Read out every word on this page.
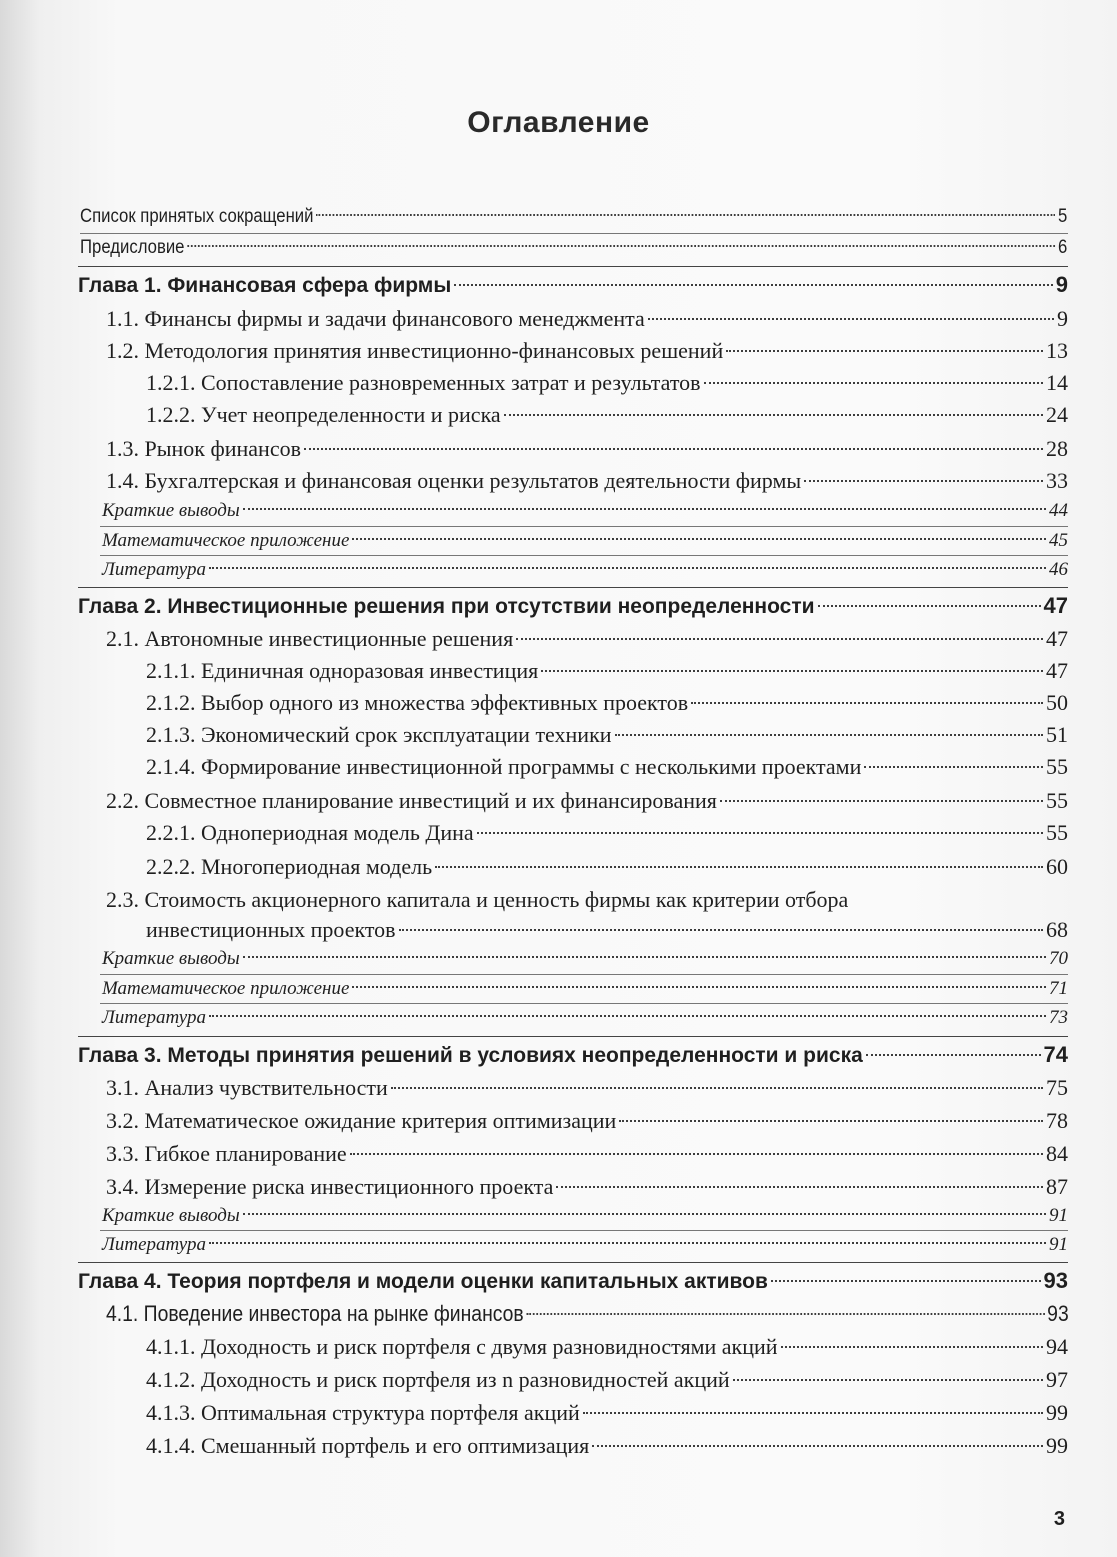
Оглавление
Список принятых сокращений	5
Предисловие	6
Глава 1. Финансовая сфера фирмы	9
1.1. Финансы фирмы и задачи финансового менеджмента	9
1.2. Методология принятия инвестиционно-финансовых решений	13
1.2.1. Сопоставление разновременных затрат и результатов	14
1.2.2. Учет неопределенности и риска	24
1.3. Рынок финансов	28
1.4. Бухгалтерская и финансовая оценки результатов деятельности фирмы	33
Краткие выводы	44
Математическое приложение	45
Литература	46
Глава 2. Инвестиционные решения при отсутствии неопределенности	47
2.1. Автономные инвестиционные решения	47
2.1.1. Единичная одноразовая инвестиция	47
2.1.2. Выбор одного из множества эффективных проектов	50
2.1.3. Экономический срок эксплуатации техники	51
2.1.4. Формирование инвестиционной программы с несколькими проектами	55
2.2. Совместное планирование инвестиций и их финансирования	55
2.2.1. Однопериодная модель Дина	55
2.2.2. Многопериодная модель	60
2.3. Стоимость акционерного капитала и ценность фирмы как критерии отбора
инвестиционных проектов	68
Краткие выводы	70
Математическое приложение	71
Литература	73
Глава 3. Методы принятия решений в условиях неопределенности и риска	74
3.1. Анализ чувствительности	75
3.2. Математическое ожидание критерия оптимизации	78
3.3. Гибкое планирование	84
3.4. Измерение риска инвестиционного проекта	87
Краткие выводы	91
Литература	91
Глава 4. Теория портфеля и модели оценки капитальных активов	93
4.1. Поведение инвестора на рынке финансов	93
4.1.1. Доходность и риск портфеля с двумя разновидностями акций	94
4.1.2. Доходность и риск портфеля из n разновидностей акций	97
4.1.3. Оптимальная структура портфеля акций	99
4.1.4. Смешанный портфель и его оптимизация	99
3
